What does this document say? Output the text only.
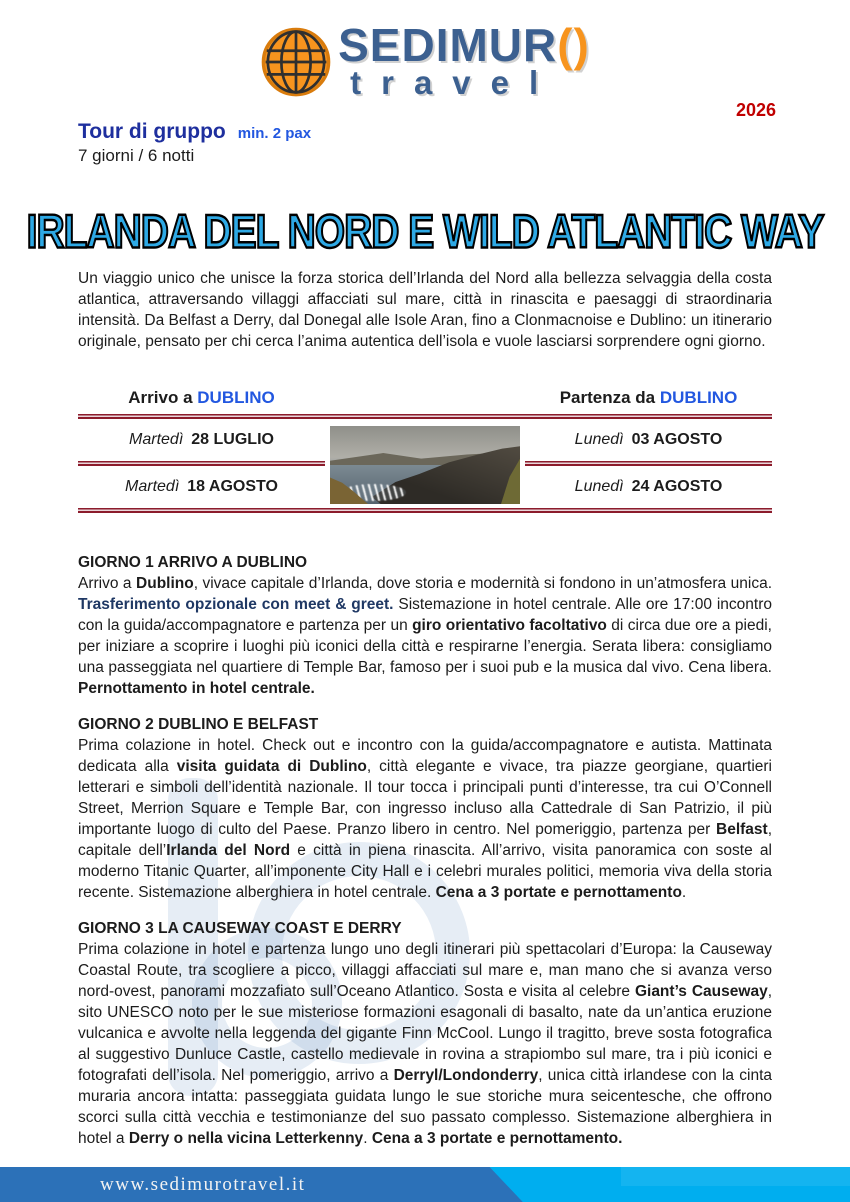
SEDIMUR()
travel
2026
Tour di gruppo min. 2 pax
7 giorni / 6 notti
IRLANDA DEL NORD E WILD ATLANTIC WAY

Un viaggio unico che unisce la forza storica dell’Irlanda del Nord alla bellezza selvaggia della costa atlantica, attraversando villaggi affacciati sul mare, città in rinascita e paesaggi di straordinaria intensità. Da Belfast a Derry, dal Donegal alle Isole Aran, fino a Clonmacnoise e Dublino: un itinerario originale, pensato per chi cerca l’anima autentica dell’isola e vuole lasciarsi sorprendere ogni giorno.

Arrivo a DUBLINO	Partenza da DUBLINO
Martedì 28 LUGLIO
Martedì 18 AGOSTO
Lunedì 03 AGOSTO
Lunedì 24 AGOSTO
GIORNO 1 ARRIVO A DUBLINO

Arrivo a Dublino, vivace capitale d’Irlanda, dove storia e modernità si fondono in un’atmosfera unica. Trasferimento opzionale con meet & greet. Sistemazione in hotel centrale. Alle ore 17:00 incontro con la guida/accompagnatore e partenza per un giro orientativo facoltativo di circa due ore a piedi, per iniziare a scoprire i luoghi più iconici della città e respirarne l’energia. Serata libera: consigliamo una passeggiata nel quartiere di Temple Bar, famoso per i suoi pub e la musica dal vivo. Cena libera. Pernottamento in hotel centrale.

GIORNO 2 DUBLINO E BELFAST

Prima colazione in hotel. Check out e incontro con la guida/accompagnatore e autista. Mattinata dedicata alla visita guidata di Dublino, città elegante e vivace, tra piazze georgiane, quartieri letterari e simboli dell’identità nazionale. Il tour tocca i principali punti d’interesse, tra cui O’Connell Street, Merrion Square e Temple Bar, con ingresso incluso alla Cattedrale di San Patrizio, il più importante luogo di culto del Paese. Pranzo libero in centro. Nel pomeriggio, partenza per Belfast, capitale dell’Irlanda del Nord e città in piena rinascita. All’arrivo, visita panoramica con soste al moderno Titanic Quarter, all’imponente City Hall e i celebri murales politici, memoria viva della storia recente. Sistemazione alberghiera in hotel centrale. Cena a 3 portate e pernottamento.

GIORNO 3 LA CAUSEWAY COAST E DERRY

Prima colazione in hotel e partenza lungo uno degli itinerari più spettacolari d’Europa: la Causeway Coastal Route, tra scogliere a picco, villaggi affacciati sul mare e, man mano che si avanza verso nord-ovest, panorami mozzafiato sull’Oceano Atlantico. Sosta e visita al celebre Giant’s Causeway, sito UNESCO noto per le sue misteriose formazioni esagonali di basalto, nate da un’antica eruzione vulcanica e avvolte nella leggenda del gigante Finn McCool. Lungo il tragitto, breve sosta fotografica al suggestivo Dunluce Castle, castello medievale in rovina a strapiombo sul mare, tra i più iconici e fotografati dell’isola. Nel pomeriggio, arrivo a Derryl/Londonderry, unica città irlandese con la cinta muraria ancora intatta: passeggiata guidata lungo le sue storiche mura seicentesche, che offrono scorci sulla città vecchia e testimonianze del suo passato complesso. Sistemazione alberghiera in hotel a Derry o nella vicina Letterkenny. Cena a 3 portate e pernottamento.

www.sedimurotravel.it
